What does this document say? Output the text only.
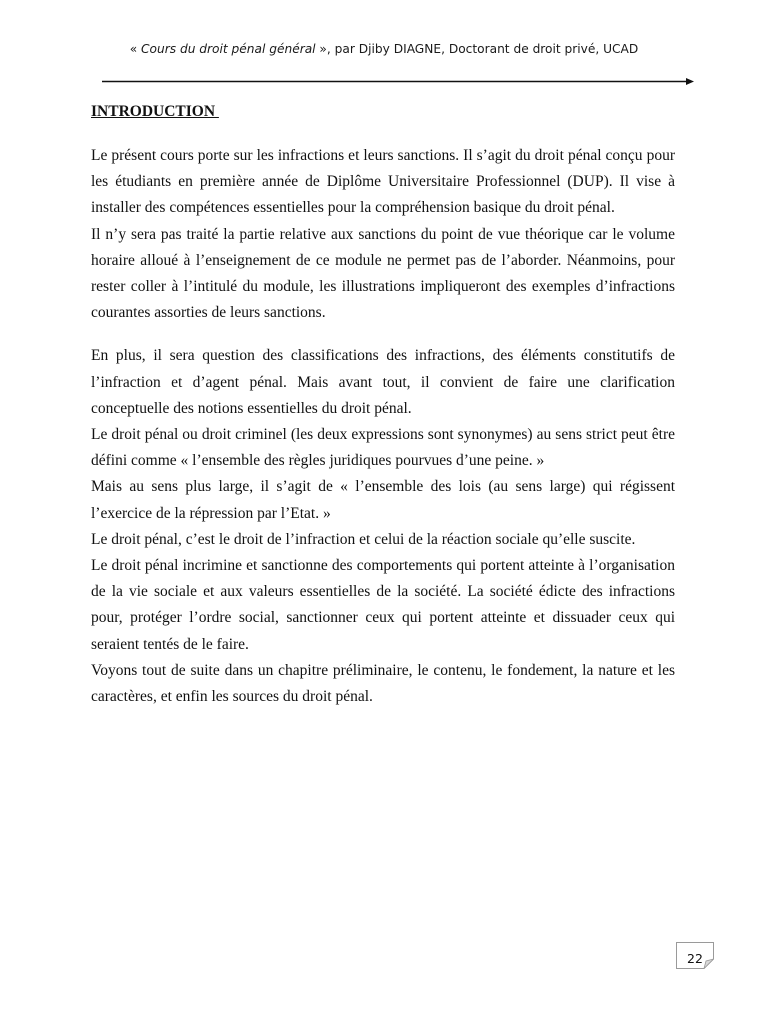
« Cours du droit pénal général », par Djiby DIAGNE, Doctorant de droit privé, UCAD
INTRODUCTION

Le présent cours porte sur les infractions et leurs sanctions. Il s’agit du droit pénal conçu pour les étudiants en première année de Diplôme Universitaire Professionnel (DUP). Il vise à installer des compétences essentielles pour la compréhension basique du droit pénal.

Il n’y sera pas traité la partie relative aux sanctions du point de vue théorique car le volume horaire alloué à l’enseignement de ce module ne permet pas de l’aborder. Néanmoins, pour rester coller à l’intitulé du module, les illustrations impliqueront des exemples d’infractions courantes assorties de leurs sanctions.

En plus, il sera question des classifications des infractions, des éléments constitutifs de l’infraction et d’agent pénal. Mais avant tout, il convient de faire une clarification conceptuelle des notions essentielles du droit pénal.

Le droit pénal ou droit criminel (les deux expressions sont synonymes) au sens strict peut être défini comme « l’ensemble des règles juridiques pourvues d’une peine. »

Mais au sens plus large, il s’agit de « l’ensemble des lois (au sens large) qui régissent l’exercice de la répression par l’Etat. »

Le droit pénal, c’est le droit de l’infraction et celui de la réaction sociale qu’elle suscite.

Le droit pénal incrimine et sanctionne des comportements qui portent atteinte à l’organisation de la vie sociale et aux valeurs essentielles de la société. La société édicte des infractions pour, protéger l’ordre social, sanctionner ceux qui portent atteinte et dissuader ceux qui seraient tentés de le faire.

Voyons tout de suite dans un chapitre préliminaire, le contenu, le fondement, la nature et les caractères, et enfin les sources du droit pénal.

22
